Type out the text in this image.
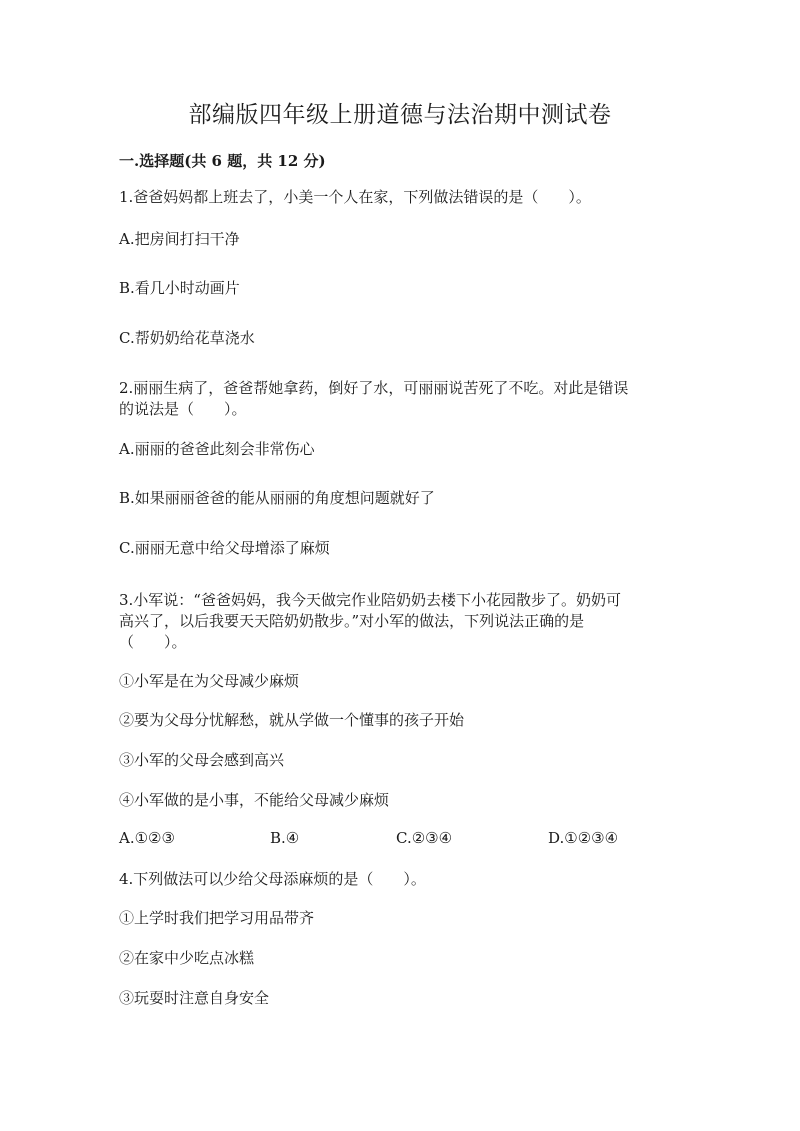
部编版四年级上册道德与法治期中测试卷
一.选择题(共 6 题，共 12 分)
1.爸爸妈妈都上班去了，小美一个人在家，下列做法错误的是（　　）。
A.把房间打扫干净
B.看几小时动画片
C.帮奶奶给花草浇水
2.丽丽生病了，爸爸帮她拿药，倒好了水，可丽丽说苦死了不吃。对此是错误
的说法是（　　）。
A.丽丽的爸爸此刻会非常伤心
B.如果丽丽爸爸的能从丽丽的角度想问题就好了
C.丽丽无意中给父母增添了麻烦
3.小军说：“爸爸妈妈，我今天做完作业陪奶奶去楼下小花园散步了。奶奶可
高兴了，以后我要天天陪奶奶散步。”对小军的做法，下列说法正确的是
（　　）。
①小军是在为父母减少麻烦
②要为父母分忧解愁，就从学做一个懂事的孩子开始
③小军的父母会感到高兴
④小军做的是小事，不能给父母减少麻烦
A.①②③	B.④	C.②③④	D.①②③④
4.下列做法可以少给父母添麻烦的是（　　）。
①上学时我们把学习用品带齐
②在家中少吃点冰糕
③玩耍时注意自身安全
